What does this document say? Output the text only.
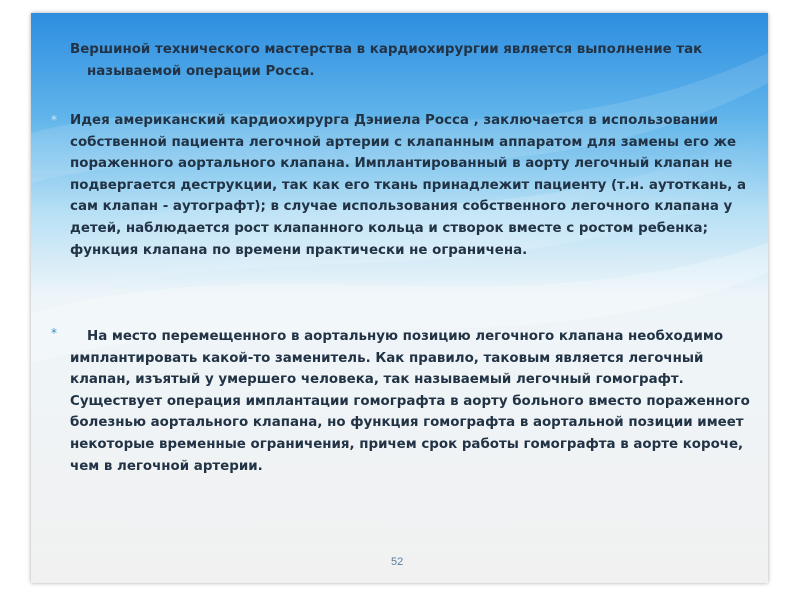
Вершиной технического мастерства в кардиохирургии является выполнение так называемой операции Росса.

* Идея американский кардиохирурга Дэниела Росса , заключается в использовании собственной пациента легочной артерии с клапанным аппаратом для замены его же пораженного аортального клапана. Имплантированный в аорту легочный клапан не подвергается деструкции, так как его ткань принадлежит пациенту (т.н. аутоткань, а сам клапан - аутографт); в случае использования собственного легочного клапана у детей, наблюдается рост клапанного кольца и створок вместе с ростом ребенка; функция клапана по времени практически не ограничена.

*	На место перемещенного в аортальную позицию легочного клапана необходимо имплантировать какой-то заменитель. Как правило, таковым является легочный клапан, изъятый у умершего человека, так называемый легочный гомографт. Существует операция имплантации гомографта в аорту больного вместо пораженного болезнью аортального клапана, но функция гомографта в аортальной позиции имеет некоторые временные ограничения, причем срок работы гомографта в аорте короче, чем в легочной артерии.

52
